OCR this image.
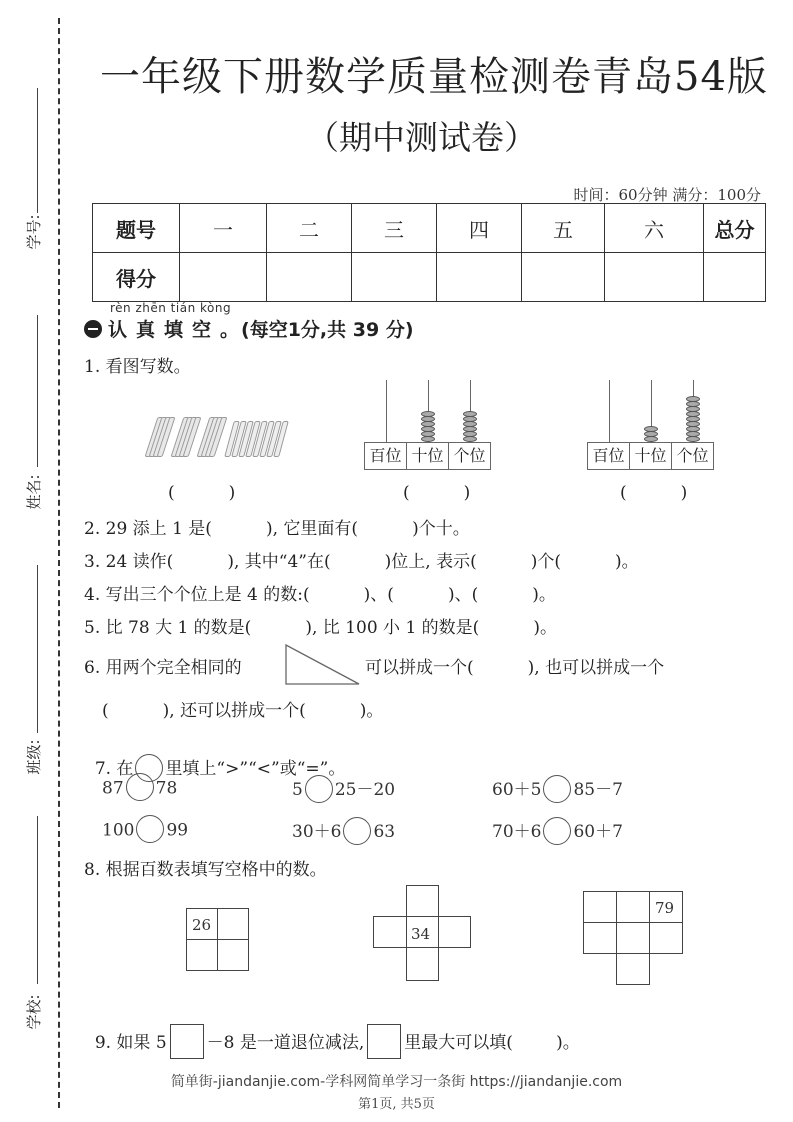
学号:
姓名:
班级:
学校:
一年级下册数学质量检测卷青岛54版
（期中测试卷）
时间：60分钟 满分：100分
题号	一	二	三	四	五	六	总分
得分							
rèn zhēn tián kòng
认真填空 。 (每空1分,共 39 分)
1. 看图写数。
(          )
百位 十位 个位
(          )
百位 十位 个位
(          )
2. 29 添上 1 是(          ), 它里面有(          )个十。
3. 24 读作(          ), 其中“4”在(          )位上, 表示(          )个(          )。
4. 写出三个个位上是 4 的数:(          )、(          )、(          )。
5. 比 78 大 1 的数是(          ), 比 100 小 1 的数是(          )。
6. 用两个完全相同的	可以拼成一个(          ), 也可以拼成一个
(          ), 还可以拼成一个(          )。

7. 在 里填上“>”“<”或“=”。

87 78	5 25－20	60＋5 85－7
100 99	30＋6 63	70＋6 60＋7
8. 根据百数表填写空格中的数。
26	34
79

9. 如果 5 －8 是一道退位减法, 里最大可以填(        )。

简单街-jiandanjie.com-学科网简单学习一条街 https://jiandanjie.com
第1页, 共5页
